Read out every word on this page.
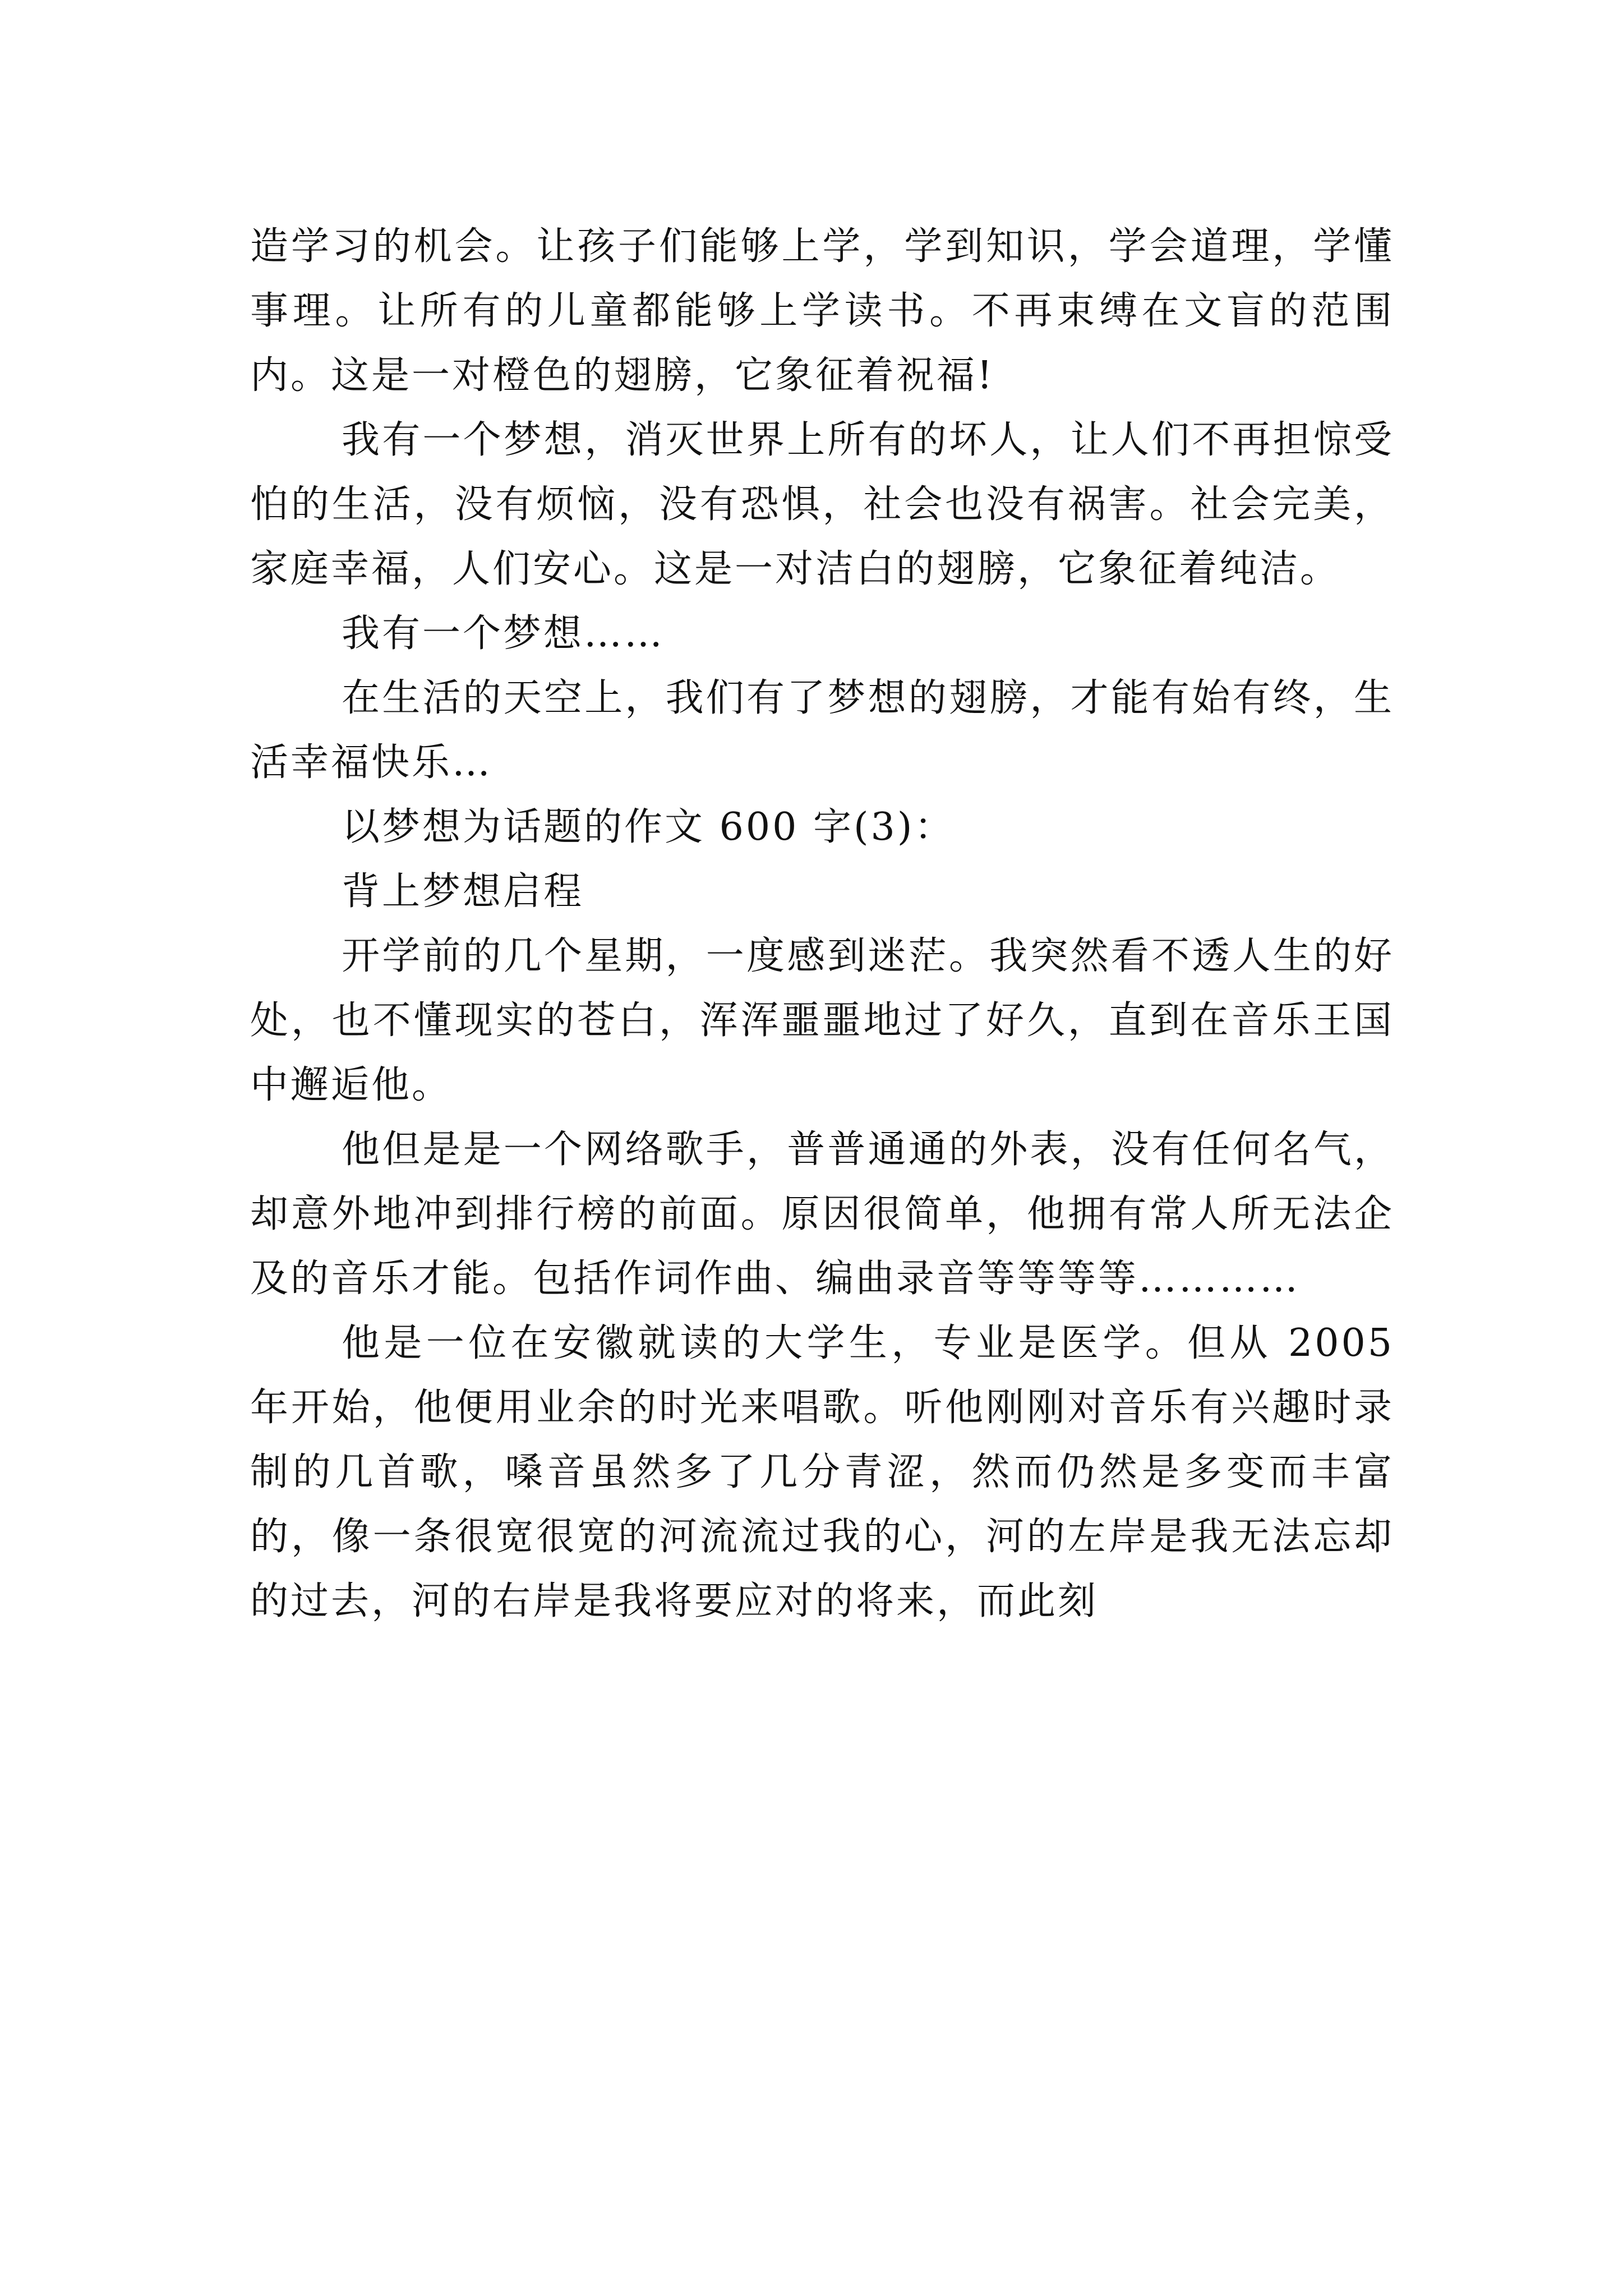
造学习的机会。让孩子们能够上学，学到知识，学会道理，学懂事理。让所有的儿童都能够上学读书。不再束缚在文盲的范围内。这是一对橙色的翅膀，它象征着祝福!

我有一个梦想，消灭世界上所有的坏人，让人们不再担惊受怕的生活，没有烦恼，没有恐惧，社会也没有祸害。社会完美，家庭幸福，人们安心。这是一对洁白的翅膀，它象征着纯洁。

我有一个梦想……

在生活的天空上，我们有了梦想的翅膀，才能有始有终，生活幸福快乐…

以梦想为话题的作文 600 字(3)：

背上梦想启程

开学前的几个星期，一度感到迷茫。我突然看不透人生的好处，也不懂现实的苍白，浑浑噩噩地过了好久，直到在音乐王国中邂逅他。

他但是是一个网络歌手，普普通通的外表，没有任何名气，却意外地冲到排行榜的前面。原因很简单，他拥有常人所无法企及的音乐才能。包括作词作曲、编曲录音等等等等…………

他是一位在安徽就读的大学生，专业是医学。但从 2005 年开始，他便用业余的时光来唱歌。听他刚刚对音乐有兴趣时录制的几首歌，嗓音虽然多了几分青涩，然而仍然是多变而丰富的，像一条很宽很宽的河流流过我的心，河的左岸是我无法忘却的过去，河的右岸是我将要应对的将来，而此刻
